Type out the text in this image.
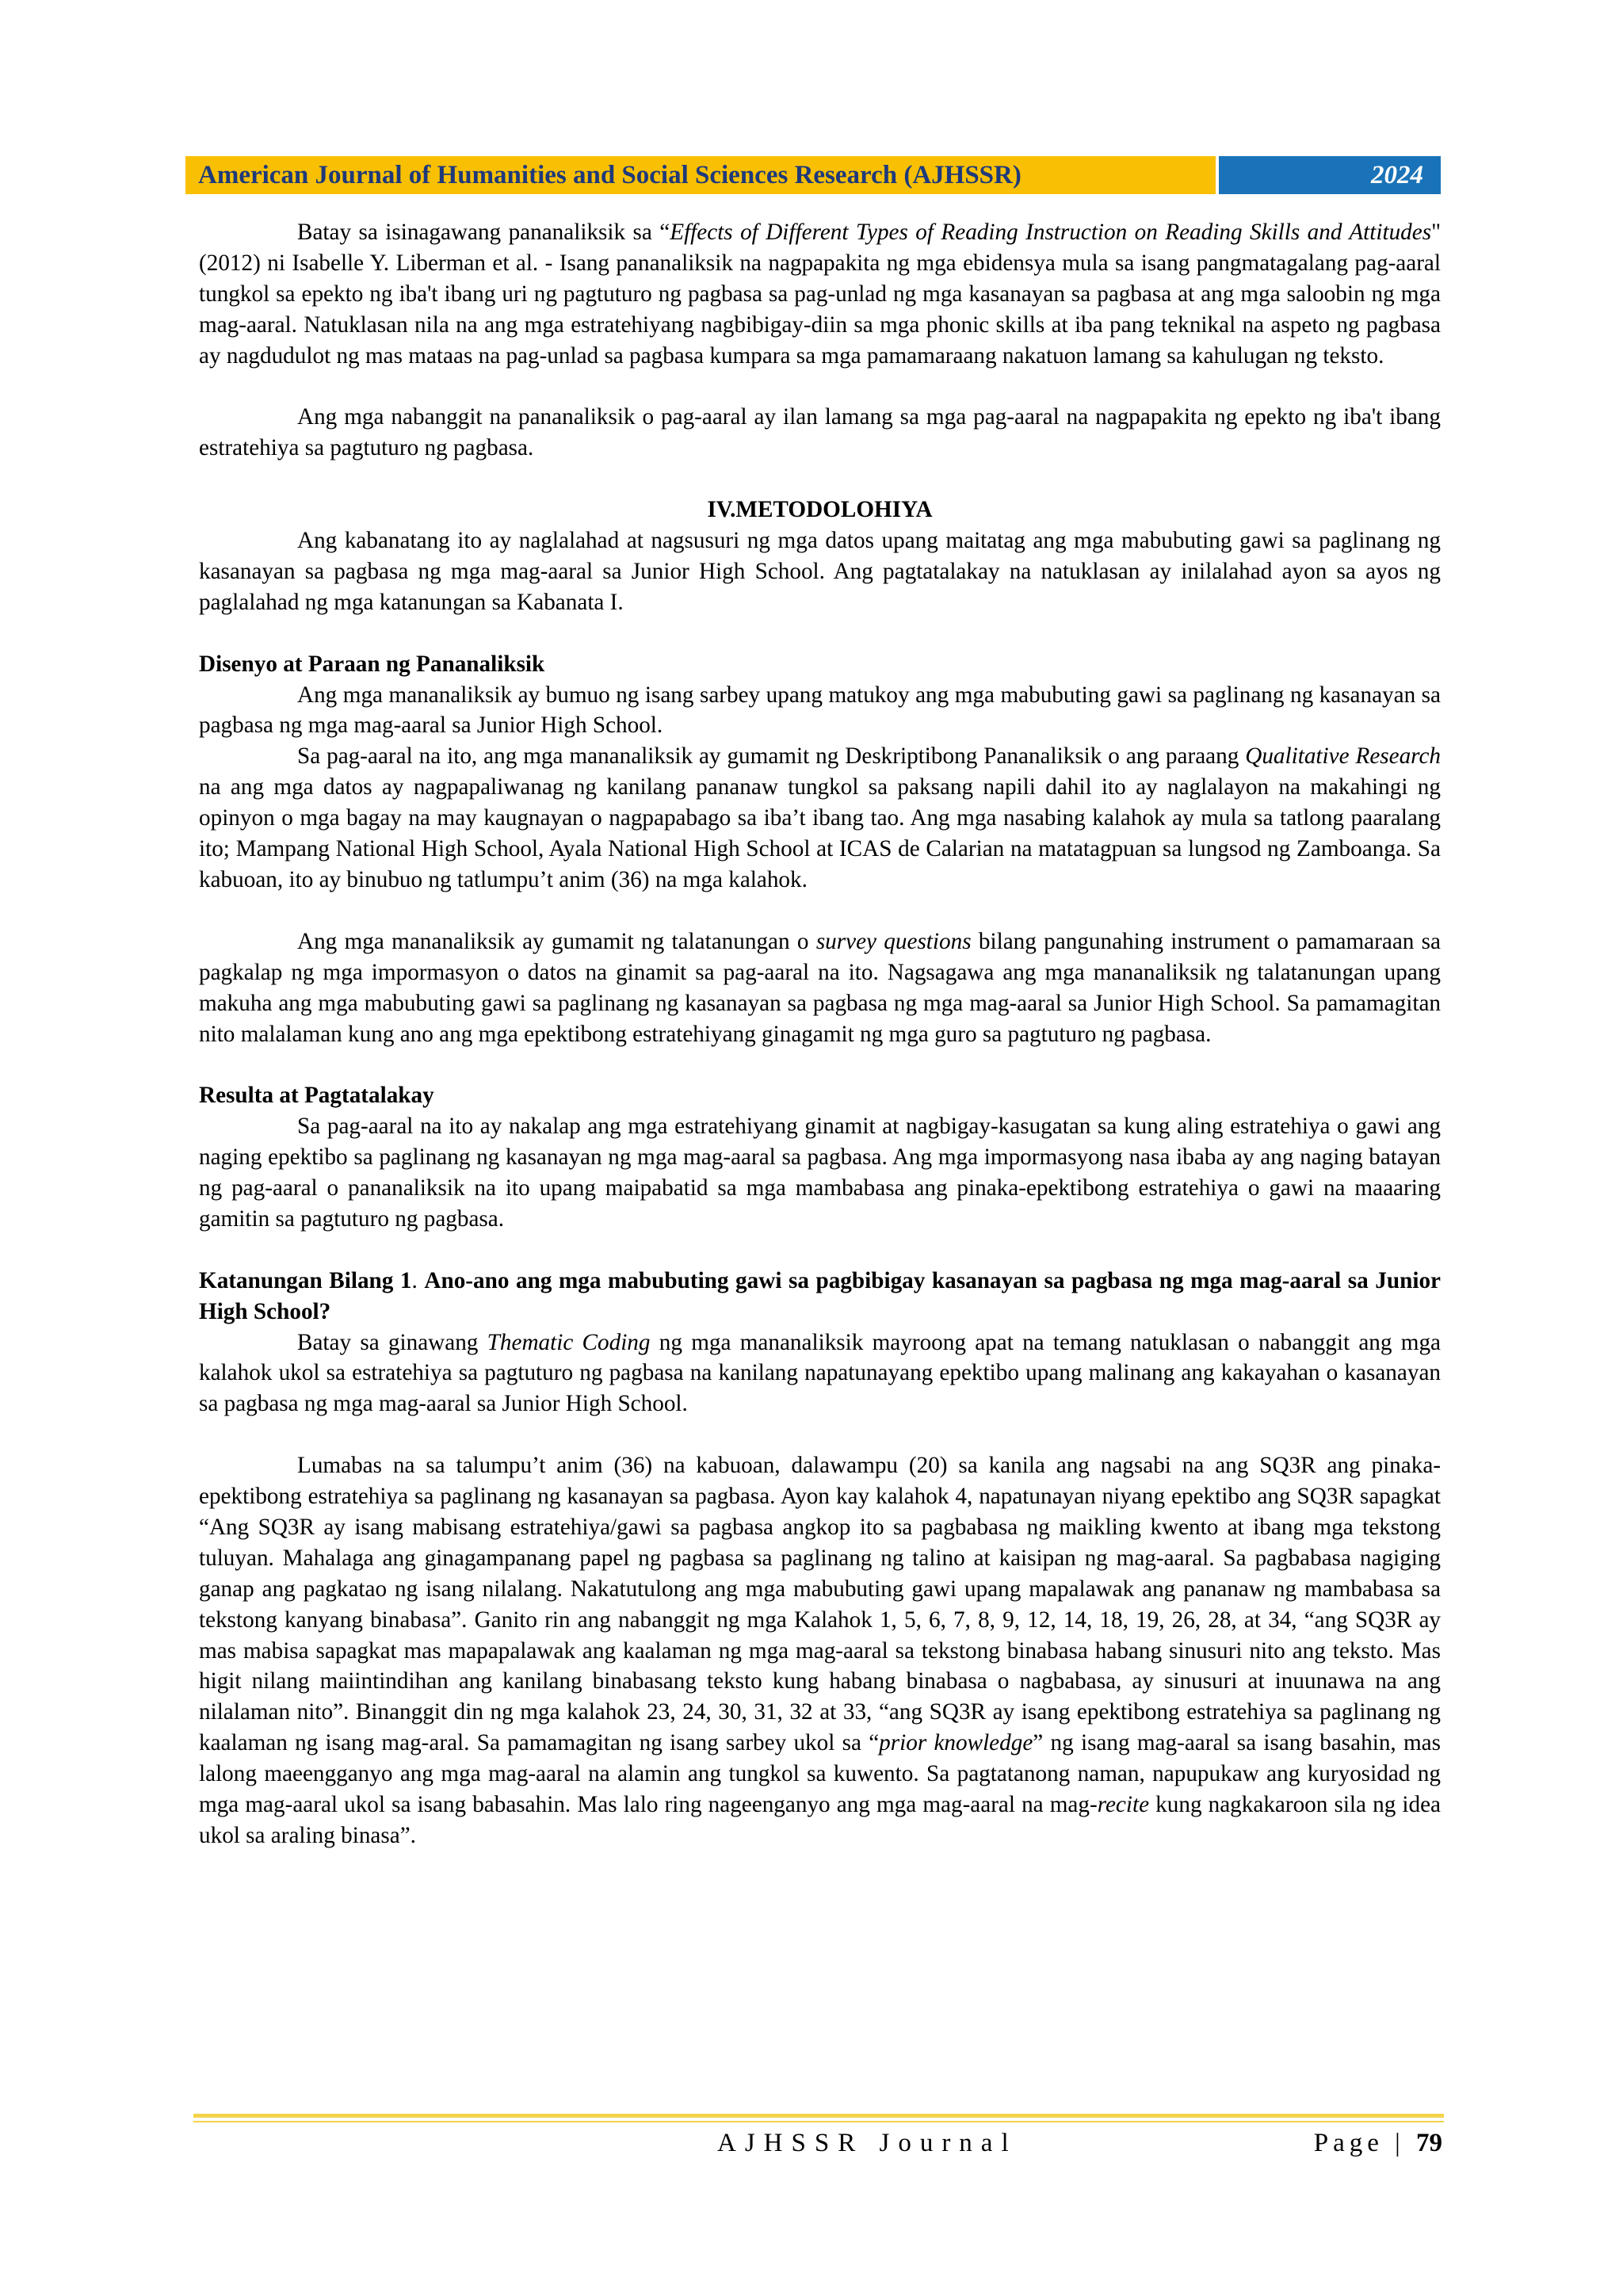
American Journal of Humanities and Social Sciences Research (AJHSSR)	2024

Batay sa isinagawang pananaliksik sa “Effects of Different Types of Reading Instruction on Reading Skills and Attitudes" (2012) ni Isabelle Y. Liberman et al. - Isang pananaliksik na nagpapakita ng mga ebidensya mula sa isang pangmatagalang pag-aaral tungkol sa epekto ng iba't ibang uri ng pagtuturo ng pagbasa sa pag-unlad ng mga kasanayan sa pagbasa at ang mga saloobin ng mga mag-aaral. Natuklasan nila na ang mga estratehiyang nagbibigay-diin sa mga phonic skills at iba pang teknikal na aspeto ng pagbasa ay nagdudulot ng mas mataas na pag-unlad sa pagbasa kumpara sa mga pamamaraang nakatuon lamang sa kahulugan ng teksto.

Ang mga nabanggit na pananaliksik o pag-aaral ay ilan lamang sa mga pag-aaral na nagpapakita ng epekto ng iba't ibang estratehiya sa pagtuturo ng pagbasa.

IV.METODOLOHIYA

Ang kabanatang ito ay naglalahad at nagsusuri ng mga datos upang maitatag ang mga mabubuting gawi sa paglinang ng kasanayan sa pagbasa ng mga mag-aaral sa Junior High School. Ang pagtatalakay na natuklasan ay inilalahad ayon sa ayos ng paglalahad ng mga katanungan sa Kabanata I.

Disenyo at Paraan ng Pananaliksik

Ang mga mananaliksik ay bumuo ng isang sarbey upang matukoy ang mga mabubuting gawi sa paglinang ng kasanayan sa pagbasa ng mga mag-aaral sa Junior High School.

Sa pag-aaral na ito, ang mga mananaliksik ay gumamit ng Deskriptibong Pananaliksik o ang paraang Qualitative Research na ang mga datos ay nagpapaliwanag ng kanilang pananaw tungkol sa paksang napili dahil ito ay naglalayon na makahingi ng opinyon o mga bagay na may kaugnayan o nagpapabago sa iba’t ibang tao. Ang mga nasabing kalahok ay mula sa tatlong paaralang ito; Mampang National High School, Ayala National High School at ICAS de Calarian na matatagpuan sa lungsod ng Zamboanga. Sa kabuoan, ito ay binubuo ng tatlumpu’t anim (36) na mga kalahok.

Ang mga mananaliksik ay gumamit ng talatanungan o survey questions bilang pangunahing instrument o pamamaraan sa pagkalap ng mga impormasyon o datos na ginamit sa pag-aaral na ito. Nagsagawa ang mga mananaliksik ng talatanungan upang makuha ang mga mabubuting gawi sa paglinang ng kasanayan sa pagbasa ng mga mag-aaral sa Junior High School. Sa pamamagitan nito malalaman kung ano ang mga epektibong estratehiyang ginagamit ng mga guro sa pagtuturo ng pagbasa.

Resulta at Pagtatalakay

Sa pag-aaral na ito ay nakalap ang mga estratehiyang ginamit at nagbigay-kasugatan sa kung aling estratehiya o gawi ang naging epektibo sa paglinang ng kasanayan ng mga mag-aaral sa pagbasa. Ang mga impormasyong nasa ibaba ay ang naging batayan ng pag-aaral o pananaliksik na ito upang maipabatid sa mga mambabasa ang pinaka-epektibong estratehiya o gawi na maaaring gamitin sa pagtuturo ng pagbasa.

Katanungan Bilang 1. Ano-ano ang mga mabubuting gawi sa pagbibigay kasanayan sa pagbasa ng mga mag-aaral sa Junior High School?

Batay sa ginawang Thematic Coding ng mga mananaliksik mayroong apat na temang natuklasan o nabanggit ang mga kalahok ukol sa estratehiya sa pagtuturo ng pagbasa na kanilang napatunayang epektibo upang malinang ang kakayahan o kasanayan sa pagbasa ng mga mag-aaral sa Junior High School.

Lumabas na sa talumpu’t anim (36) na kabuoan, dalawampu (20) sa kanila ang nagsabi na ang SQ3R ang pinaka-epektibong estratehiya sa paglinang ng kasanayan sa pagbasa. Ayon kay kalahok 4, napatunayan niyang epektibo ang SQ3R sapagkat “Ang SQ3R ay isang mabisang estratehiya/gawi sa pagbasa angkop ito sa pagbabasa ng maikling kwento at ibang mga tekstong tuluyan. Mahalaga ang ginagampanang papel ng pagbasa sa paglinang ng talino at kaisipan ng mag-aaral. Sa pagbabasa nagiging ganap ang pagkatao ng isang nilalang. Nakatutulong ang mga mabubuting gawi upang mapalawak ang pananaw ng mambabasa sa tekstong kanyang binabasa”. Ganito rin ang nabanggit ng mga Kalahok 1, 5, 6, 7, 8, 9, 12, 14, 18, 19, 26, 28, at 34, “ang SQ3R ay mas mabisa sapagkat mas mapapalawak ang kaalaman ng mga mag-aaral sa tekstong binabasa habang sinusuri nito ang teksto. Mas higit nilang maiintindihan ang kanilang binabasang teksto kung habang binabasa o nagbabasa, ay sinusuri at inuunawa na ang nilalaman nito”. Binanggit din ng mga kalahok 23, 24, 30, 31, 32 at 33, “ang SQ3R ay isang epektibong estratehiya sa paglinang ng kaalaman ng isang mag-aral. Sa pamamagitan ng isang sarbey ukol sa “prior knowledge” ng isang mag-aaral sa isang basahin, mas lalong maeengganyo ang mga mag-aaral na alamin ang tungkol sa kuwento. Sa pagtatanong naman, napupukaw ang kuryosidad ng mga mag-aaral ukol sa isang babasahin. Mas lalo ring nageenganyo ang mga mag-aaral na mag-recite kung nagkakaroon sila ng idea ukol sa araling binasa”.

AJHSSR Journal	Page | 79
